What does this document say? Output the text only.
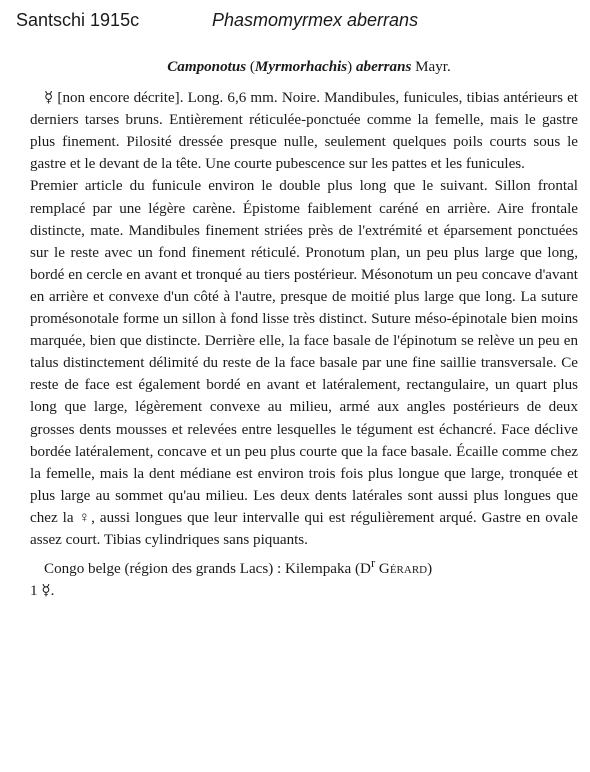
Santschi 1915c	Phasmomyrmex aberrans
Camponotus (Myrmorhachis) aberrans Mayr.

☿ [non encore décrite]. Long. 6,6 mm. Noire. Mandibules, funicules, tibias antérieurs et derniers tarses bruns. Entièrement réticulée-ponctuée comme la femelle, mais le gastre plus finement. Pilosité dressée presque nulle, seulement quelques poils courts sous le gastre et le devant de la tête. Une courte pubescence sur les pattes et les funicules.

Premier article du funicule environ le double plus long que le suivant. Sillon frontal remplacé par une légère carène. Épistome faiblement caréné en arrière. Aire frontale distincte, mate. Mandibules finement striées près de l'extrémité et éparsement ponctuées sur le reste avec un fond finement réticulé. Pronotum plan, un peu plus large que long, bordé en cercle en avant et tronqué au tiers postérieur. Mésonotum un peu concave d'avant en arrière et convexe d'un côté à l'autre, presque de moitié plus large que long. La suture promésonotale forme un sillon à fond lisse très distinct. Suture méso-épinotale bien moins marquée, bien que distincte. Derrière elle, la face basale de l'épinotum se relève un peu en talus distinctement délimité du reste de la face basale par une fine saillie transversale. Ce reste de face est également bordé en avant et latéralement, rectangulaire, un quart plus long que large, légèrement convexe au milieu, armé aux angles postérieurs de deux grosses dents mousses et relevées entre lesquelles le tégument est échancré. Face déclive bordée latéralement, concave et un peu plus courte que la face basale. Écaille comme chez la femelle, mais la dent médiane est environ trois fois plus longue que large, tronquée et plus large au sommet qu'au milieu. Les deux dents latérales sont aussi plus longues que chez la ♀, aussi longues que leur intervalle qui est régulièrement arqué. Gastre en ovale assez court. Tibias cylindriques sans piquants.

Congo belge (région des grands Lacs) : Kilempaka ($D^r$ Gérard)

1 ☿.
